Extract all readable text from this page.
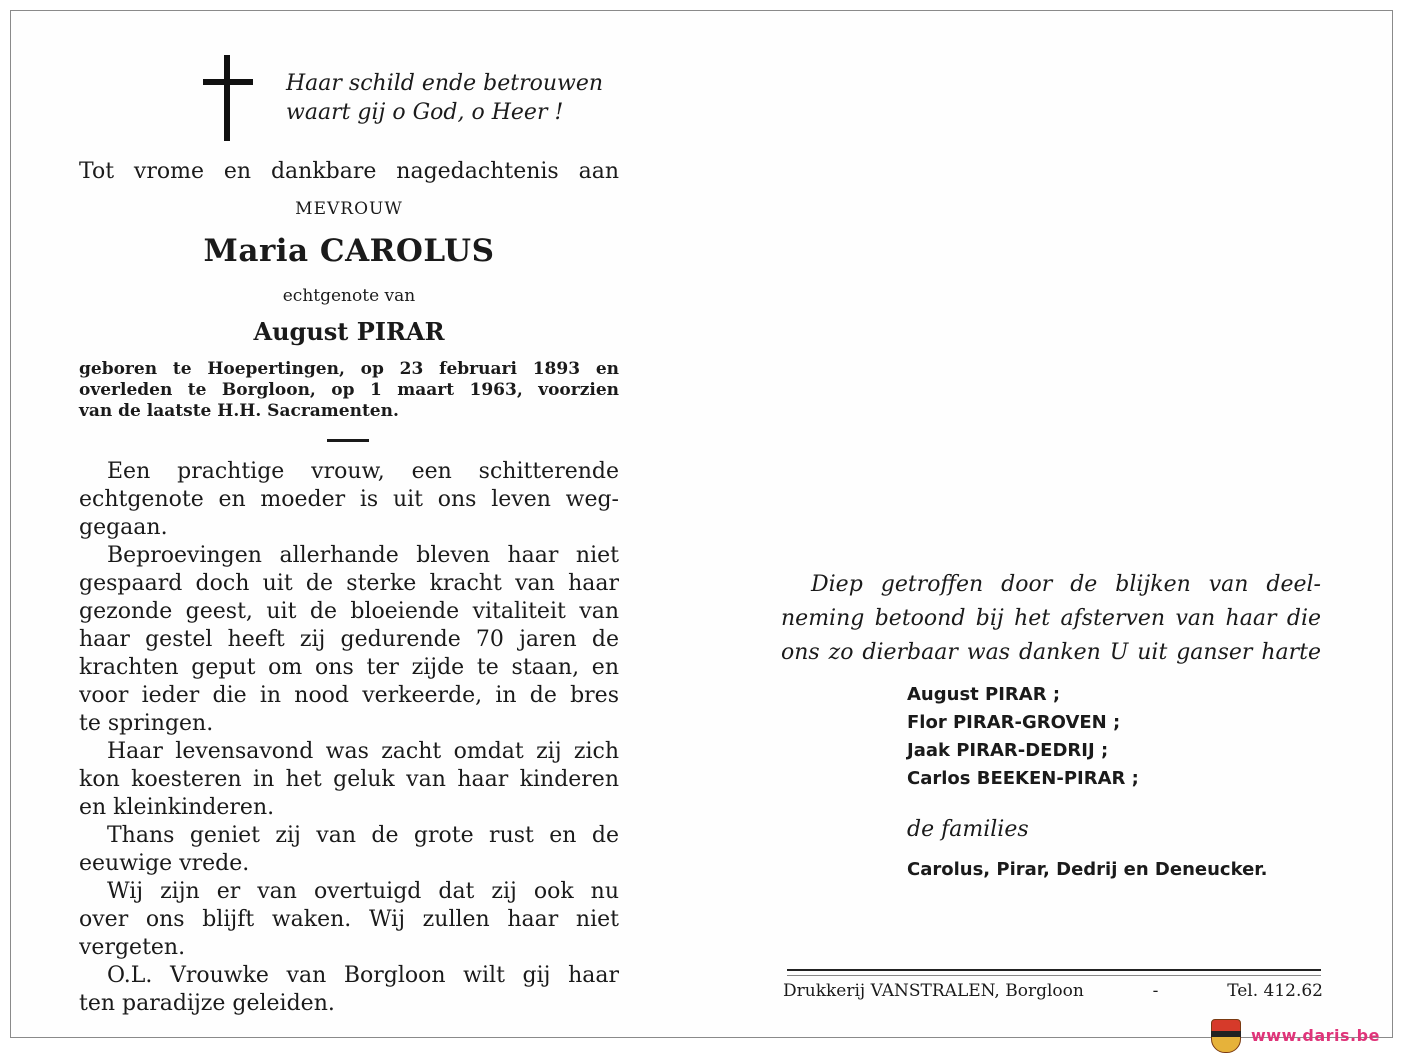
Haar schild ende betrouwen
waart gij o God, o Heer !
Tot vrome en dankbare nagedachtenis aan
MEVROUW
Maria CAROLUS
echtgenote van
August PIRAR
geboren te Hoepertingen, op 23 februari 1893 en
overleden te Borgloon, op 1 maart 1963, voorzien
van de laatste H.H. Sacramenten.
Een prachtige vrouw, een schitterende
echtgenote en moeder is uit ons leven weg-
gegaan.
Beproevingen allerhande bleven haar niet
gespaard doch uit de sterke kracht van haar
gezonde geest, uit de bloeiende vitaliteit van
haar gestel heeft zij gedurende 70 jaren de
krachten geput om ons ter zijde te staan, en
voor ieder die in nood verkeerde, in de bres
te springen.
Haar levensavond was zacht omdat zij zich
kon koesteren in het geluk van haar kinderen
en kleinkinderen.
Thans geniet zij van de grote rust en de
eeuwige vrede.
Wij zijn er van overtuigd dat zij ook nu
over ons blijft waken. Wij zullen haar niet
vergeten.
O.L. Vrouwke van Borgloon wilt gij haar
ten paradijze geleiden.
Diep getroffen door de blijken van deel-
neming betoond bij het afsterven van haar die
ons zo dierbaar was danken U uit ganser harte
August PIRAR ;
Flor PIRAR-GROVEN ;
Jaak PIRAR-DEDRIJ ;
Carlos BEEKEN-PIRAR ;
de families
Carolus, Pirar, Dedrij en Deneucker.
Drukkerij VANSTRALEN, Borgloon	-	Tel. 412.62
www.daris.be
